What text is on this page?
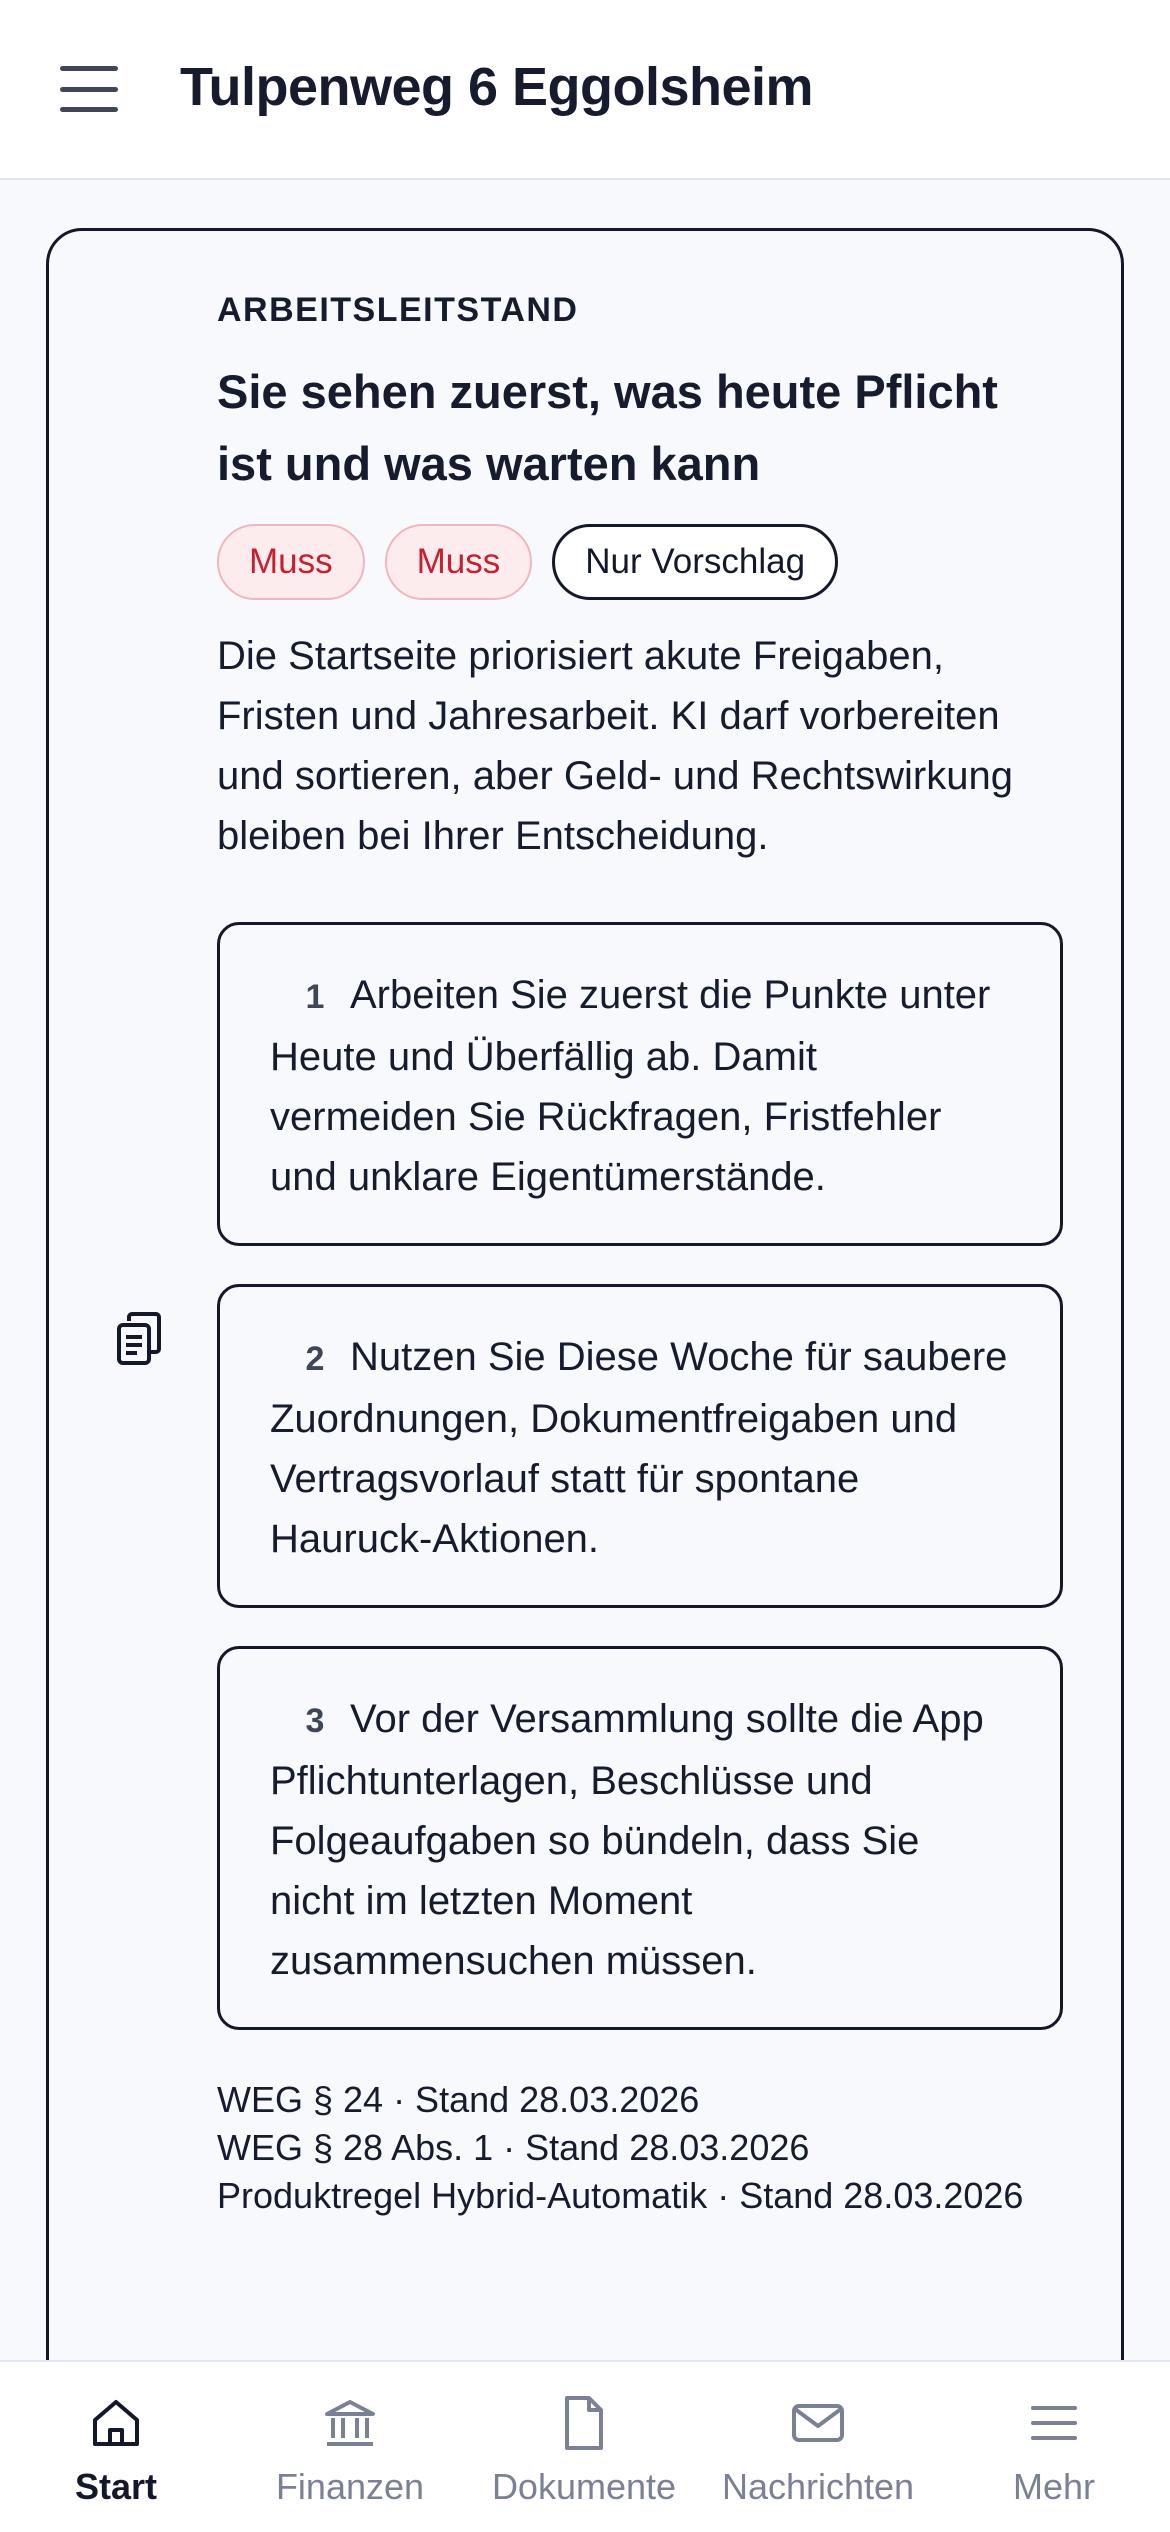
Tulpenweg 6 Eggolsheim
ARBEITSLEITSTAND
Sie sehen zuerst, was heute Pflicht ist und was warten kann
Muss	Muss	Nur Vorschlag
Die Startseite priorisiert akute Freigaben, Fristen und Jahresarbeit. KI darf vorbereiten und sortieren, aber Geld- und Rechtswirkung bleiben bei Ihrer Entscheidung.
1 Arbeiten Sie zuerst die Punkte unter Heute und Überfällig ab. Damit vermeiden Sie Rückfragen, Fristfehler und unklare Eigentümerstände.
2 Nutzen Sie Diese Woche für saubere Zuordnungen, Dokumentfreigaben und Vertragsvorlauf statt für spontane Hauruck-Aktionen.
3 Vor der Versammlung sollte die App Pflichtunterlagen, Beschlüsse und Folgeaufgaben so bündeln, dass Sie nicht im letzten Moment zusammensuchen müssen.
WEG § 24 · Stand 28.03.2026
WEG § 28 Abs. 1 · Stand 28.03.2026
Produktregel Hybrid-Automatik · Stand 28.03.2026
Start	Finanzen Dokumente Nachrichten	Mehr
